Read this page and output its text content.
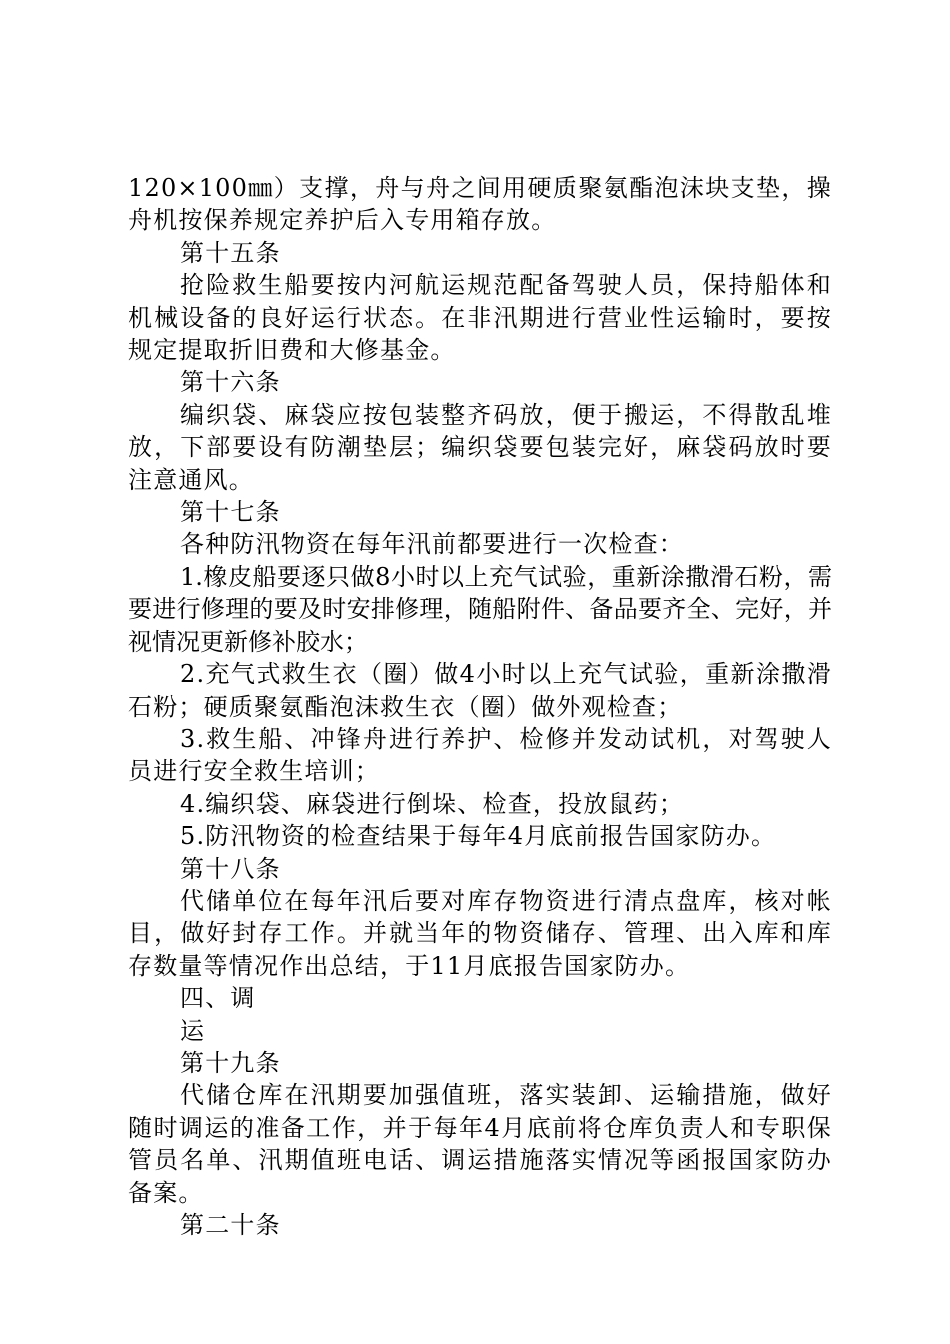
120×100㎜）支撑，舟与舟之间用硬质聚氨酯泡沫块支垫，操舟机按保养规定养护后入专用箱存放。

第十五条

抢险救生船要按内河航运规范配备驾驶人员，保持船体和机械设备的良好运行状态。在非汛期进行营业性运输时，要按规定提取折旧费和大修基金。

第十六条

编织袋、麻袋应按包装整齐码放，便于搬运，不得散乱堆放，下部要设有防潮垫层；编织袋要包装完好，麻袋码放时要注意通风。

第十七条

各种防汛物资在每年汛前都要进行一次检查：

1.橡皮船要逐只做8小时以上充气试验，重新涂撒滑石粉，需要进行修理的要及时安排修理，随船附件、备品要齐全、完好，并视情况更新修补胶水；

2.充气式救生衣（圈）做4小时以上充气试验，重新涂撒滑石粉；硬质聚氨酯泡沫救生衣（圈）做外观检查；

3.救生船、冲锋舟进行养护、检修并发动试机，对驾驶人员进行安全救生培训；

4.编织袋、麻袋进行倒垛、检查，投放鼠药；

5.防汛物资的检查结果于每年4月底前报告国家防办。

第十八条

代储单位在每年汛后要对库存物资进行清点盘库，核对帐目，做好封存工作。并就当年的物资储存、管理、出入库和库存数量等情况作出总结，于11月底报告国家防办。

四、调

运

第十九条

代储仓库在汛期要加强值班，落实装卸、运输措施，做好随时调运的准备工作，并于每年4月底前将仓库负责人和专职保管员名单、汛期值班电话、调运措施落实情况等函报国家防办备案。

第二十条
